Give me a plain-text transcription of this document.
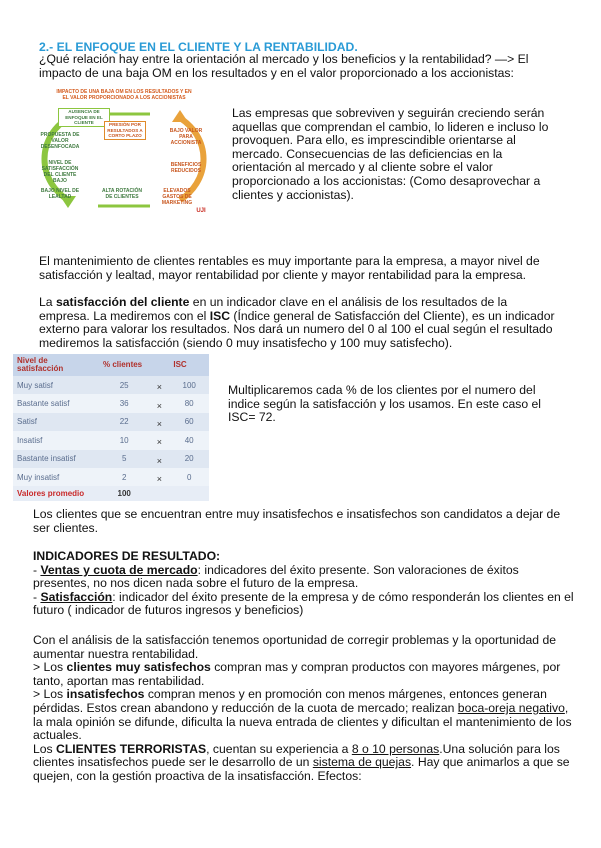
2.- EL ENFOQUE EN EL CLIENTE Y LA RENTABILIDAD.
¿Qué relación hay entre la orientación al mercado y los beneficios y la rentabilidad? —> El
impacto de una baja OM en los resultados y en el valor proporcionado a los accionistas:
IMPACTO DE UNA BAJA OM EN LOS RESULTADOS Y EN EL VALOR PROPORCIONADO A LOS ACCIONISTAS
AUSENCIA DE ENFOQUE EN EL CLIENTE	PRESIÓN POR RESULTADOS A CORTO PLAZO
PROPUESTA DE VALOR DESENFOCADA
NIVEL DE SATISFACCIÓN DEL CLIENTE BAJO
BAJO NIVEL DE LEALTAD
ALTA ROTACIÓN DE CLIENTES
BAJO VALOR PARA ACCIONISTA
BENEFICIOS REDUCIDOS
ELEVADOS GASTOS DE MARKETING
UJI
Las empresas que sobreviven y seguirán creciendo serán
aquellas que comprendan el cambio, lo lideren e incluso lo
provoquen. Para ello, es imprescindible orientarse al
mercado. Consecuencias de las deficiencias en la
orientación al mercado y al cliente sobre el valor
proporcionado a los accionistas: (Como desaprovechar a
clientes y accionistas).
El mantenimiento de clientes rentables es muy importante para la empresa, a mayor nivel de
satisfacción y lealtad, mayor rentabilidad por cliente y mayor rentabilidad para la empresa.
La satisfacción del cliente en un indicador clave en el análisis de los resultados de la
empresa. La mediremos con el ISC (Índice general de Satisfacción del Cliente), es un indicador
externo para valorar los resultados. Nos dará un numero del 0 al 100 el cual según el resultado
mediremos la satisfacción (siendo 0 muy insatisfecho y 100 muy satisfecho).
Nivel de satisfacción	% clientes		ISC
Muy satisf	25	×	100
Bastante satisf	36	×	80
Satisf	22	×	60
Insatisf	10	×	40
Bastante insatisf	5	×	20
Muy insatisf	2	×	0
Valores promedio	100		
Multiplicaremos cada % de los clientes por el numero del
indice según la satisfacción y los usamos. En este caso el
ISC= 72.
Los clientes que se encuentran entre muy insatisfechos e insatisfechos son candidatos a dejar de
ser clientes.
INDICADORES DE RESULTADO:
- Ventas y cuota de mercado: indicadores del éxito presente. Son valoraciones de éxitos
presentes, no nos dicen nada sobre el futuro de la empresa.
- Satisfacción: indicador del éxito presente de la empresa y de cómo responderán los clientes en el
futuro ( indicador de futuros ingresos y beneficios)
Con el análisis de la satisfacción tenemos oportunidad de corregir problemas y la oportunidad de
aumentar nuestra rentabilidad.
> Los clientes muy satisfechos compran mas y compran productos con mayores márgenes, por
tanto, aportan mas rentabilidad.
> Los insatisfechos compran menos y en promoción con menos márgenes, entonces generan
pérdidas. Estos crean abandono y reducción de la cuota de mercado; realizan boca-oreja negativo,
la mala opinión se difunde, dificulta la nueva entrada de clientes y dificultan el mantenimiento de los
actuales.
Los CLIENTES TERRORISTAS, cuentan su experiencia a 8 o 10 personas.Una solución para los
clientes insatisfechos puede ser le desarrollo de un sistema de quejas. Hay que animarlos a que se
quejen, con la gestión proactiva de la insatisfacción. Efectos:
